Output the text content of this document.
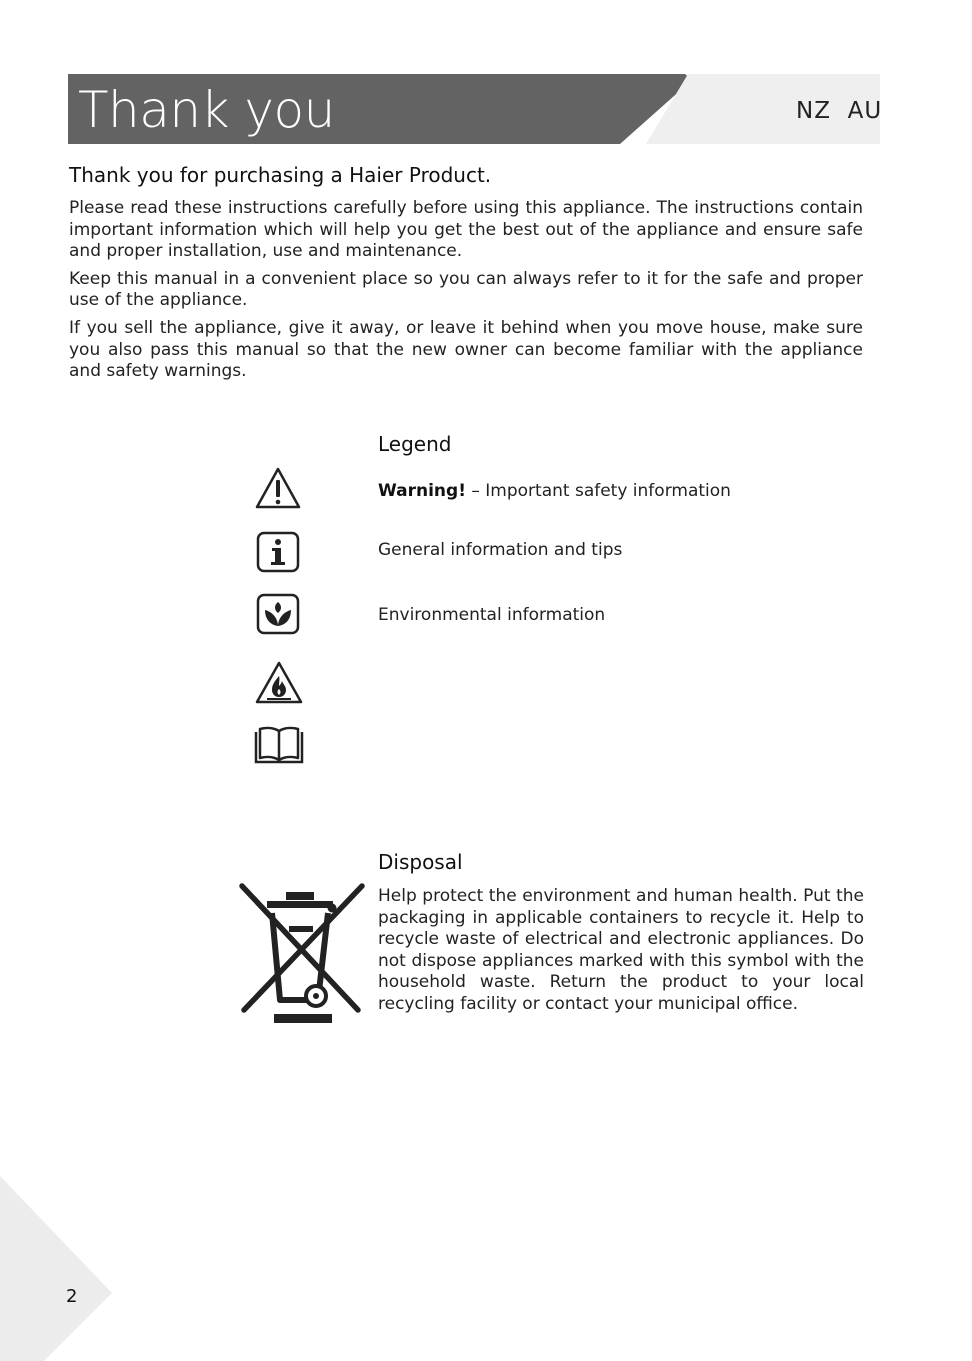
Thank you	NZ  AU
Thank you for purchasing a Haier Product.

Please read these instructions carefully before using this appliance. The instructions contain important information which will help you get the best out of the appliance and ensure safe and proper installation, use and maintenance.

Keep this manual in a convenient place so you can always refer to it for the safe and proper use of the appliance.

If you sell the appliance, give it away, or leave it behind when you move house, make sure you also pass this manual so that the new owner can become familiar with the appliance and safety warnings.

Legend
Warning! – Important safety information
General information and tips
Environmental information
Disposal
Help protect the environment and human health. Put the packaging in applicable containers to recycle it. Help to recycle waste of electrical and electronic appliances. Do not dispose appliances marked with this symbol with the household waste. Return the product to your local recycling facility or contact your municipal office.
2
